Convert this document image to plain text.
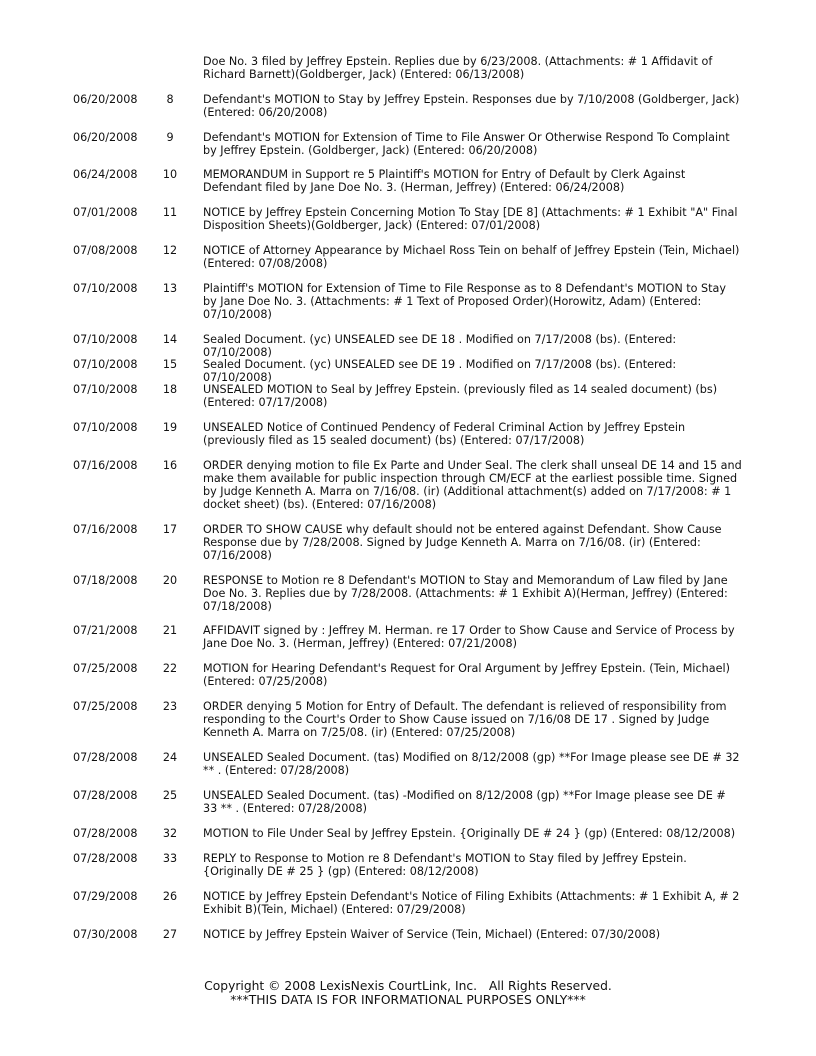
Doe No. 3 filed by Jeffrey Epstein. Replies due by 6/23/2008. (Attachments: # 1 Affidavit of Richard Barnett)(Goldberger, Jack) (Entered: 06/13/2008)
06/20/2008	8	Defendant's MOTION to Stay by Jeffrey Epstein. Responses due by 7/10/2008 (Goldberger, Jack) (Entered: 06/20/2008)
06/20/2008	9	Defendant's MOTION for Extension of Time to File Answer Or Otherwise Respond To Complaint by Jeffrey Epstein. (Goldberger, Jack) (Entered: 06/20/2008)
06/24/2008	10	MEMORANDUM in Support re 5 Plaintiff's MOTION for Entry of Default by Clerk Against Defendant filed by Jane Doe No. 3. (Herman, Jeffrey) (Entered: 06/24/2008)
07/01/2008	11	NOTICE by Jeffrey Epstein Concerning Motion To Stay [DE 8] (Attachments: # 1 Exhibit "A" Final Disposition Sheets)(Goldberger, Jack) (Entered: 07/01/2008)
07/08/2008	12	NOTICE of Attorney Appearance by Michael Ross Tein on behalf of Jeffrey Epstein (Tein, Michael) (Entered: 07/08/2008)
07/10/2008	13	Plaintiff's MOTION for Extension of Time to File Response as to 8 Defendant's MOTION to Stay by Jane Doe No. 3. (Attachments: # 1 Text of Proposed Order)(Horowitz, Adam) (Entered: 07/10/2008)
07/10/2008	14	Sealed Document. (yc) UNSEALED see DE 18 . Modified on 7/17/2008 (bs). (Entered: 07/10/2008)
07/10/2008	15	Sealed Document. (yc) UNSEALED see DE 19 . Modified on 7/17/2008 (bs). (Entered: 07/10/2008)
07/10/2008	18	UNSEALED MOTION to Seal by Jeffrey Epstein. (previously filed as 14 sealed document) (bs) (Entered: 07/17/2008)
07/10/2008	19	UNSEALED Notice of Continued Pendency of Federal Criminal Action by Jeffrey Epstein (previously filed as 15 sealed document) (bs) (Entered: 07/17/2008)
07/16/2008	16	ORDER denying motion to file Ex Parte and Under Seal. The clerk shall unseal DE 14 and 15 and make them available for public inspection through CM/ECF at the earliest possible time. Signed by Judge Kenneth A. Marra on 7/16/08. (ir) (Additional attachment(s) added on 7/17/2008: # 1 docket sheet) (bs). (Entered: 07/16/2008)
07/16/2008	17	ORDER TO SHOW CAUSE why default should not be entered against Defendant. Show Cause Response due by 7/28/2008. Signed by Judge Kenneth A. Marra on 7/16/08. (ir) (Entered: 07/16/2008)
07/18/2008	20	RESPONSE to Motion re 8 Defendant's MOTION to Stay and Memorandum of Law filed by Jane Doe No. 3. Replies due by 7/28/2008. (Attachments: # 1 Exhibit A)(Herman, Jeffrey) (Entered: 07/18/2008)
07/21/2008	21	AFFIDAVIT signed by : Jeffrey M. Herman. re 17 Order to Show Cause and Service of Process by Jane Doe No. 3. (Herman, Jeffrey) (Entered: 07/21/2008)
07/25/2008	22	MOTION for Hearing Defendant's Request for Oral Argument by Jeffrey Epstein. (Tein, Michael) (Entered: 07/25/2008)
07/25/2008	23	ORDER denying 5 Motion for Entry of Default. The defendant is relieved of responsibility from responding to the Court's Order to Show Cause issued on 7/16/08 DE 17 . Signed by Judge Kenneth A. Marra on 7/25/08. (ir) (Entered: 07/25/2008)
07/28/2008	24	UNSEALED Sealed Document. (tas) Modified on 8/12/2008 (gp) **For Image please see DE # 32 ** . (Entered: 07/28/2008)
07/28/2008	25	UNSEALED Sealed Document. (tas) -Modified on 8/12/2008 (gp) **For Image please see DE # 33 ** . (Entered: 07/28/2008)
07/28/2008	32	MOTION to File Under Seal by Jeffrey Epstein. {Originally DE # 24 } (gp) (Entered: 08/12/2008)
07/28/2008	33	REPLY to Response to Motion re 8 Defendant's MOTION to Stay filed by Jeffrey Epstein. {Originally DE # 25 } (gp) (Entered: 08/12/2008)
07/29/2008	26	NOTICE by Jeffrey Epstein Defendant's Notice of Filing Exhibits (Attachments: # 1 Exhibit A, # 2 Exhibit B)(Tein, Michael) (Entered: 07/29/2008)
07/30/2008	27	NOTICE by Jeffrey Epstein Waiver of Service (Tein, Michael) (Entered: 07/30/2008)
Copyright © 2008 LexisNexis CourtLink, Inc.   All Rights Reserved.
***THIS DATA IS FOR INFORMATIONAL PURPOSES ONLY***
